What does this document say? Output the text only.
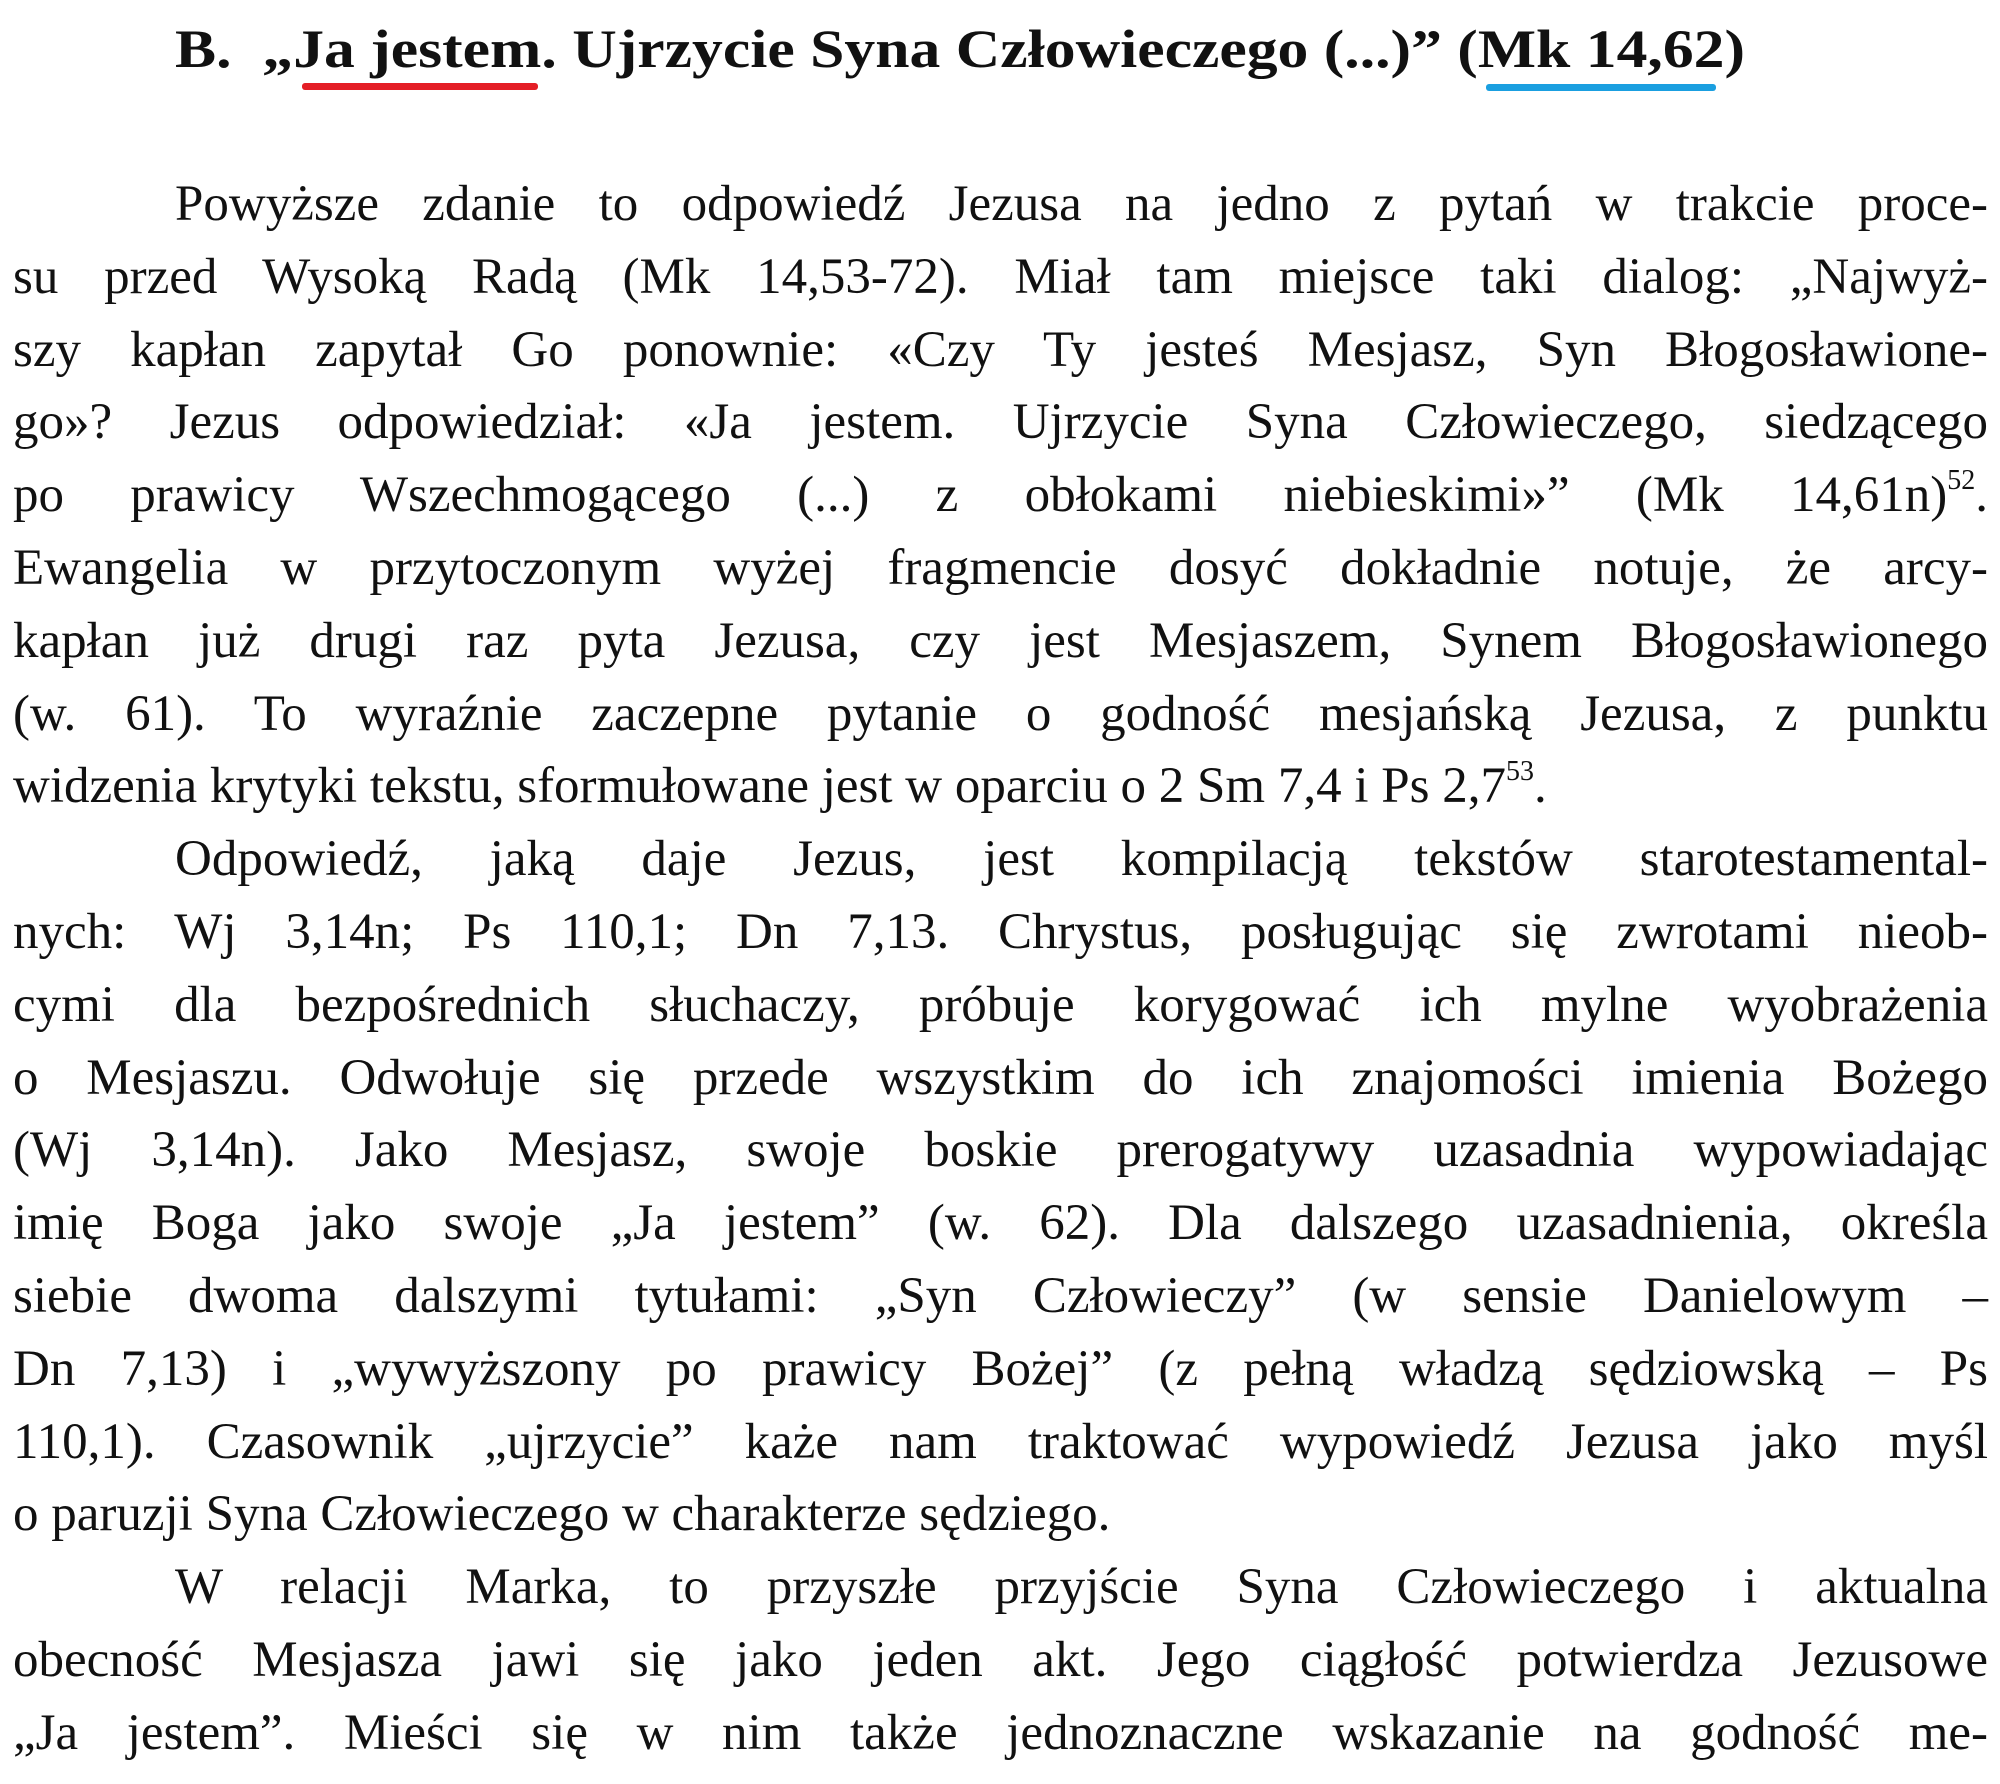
B. „Ja jestem. Ujrzycie Syna Człowieczego (...)” (Mk 14,62)
Powyższe zdanie to odpowiedź Jezusa na jedno z pytań w trakcie proce-
su przed Wysoką Radą (Mk 14,53-72). Miał tam miejsce taki dialog: „Najwyż-
szy kapłan zapytał Go ponownie: «Czy Ty jesteś Mesjasz, Syn Błogosławione-
go»? Jezus odpowiedział: «Ja jestem. Ujrzycie Syna Człowieczego, siedzącego
po prawicy Wszechmogącego (...) z obłokami niebieskimi»” (Mk 14,61n)$^{52}$.
Ewangelia w przytoczonym wyżej fragmencie dosyć dokładnie notuje, że arcy-
kapłan już drugi raz pyta Jezusa, czy jest Mesjaszem, Synem Błogosławionego
(w. 61). To wyraźnie zaczepne pytanie o godność mesjańską Jezusa, z punktu
widzenia krytyki tekstu, sformułowane jest w oparciu o 2 Sm 7,4 i Ps $2,7^{53}$.
Odpowiedź, jaką daje Jezus, jest kompilacją tekstów starotestamental-
nych: Wj 3,14n; Ps 110,1; Dn 7,13. Chrystus, posługując się zwrotami nieob-
cymi dla bezpośrednich słuchaczy, próbuje korygować ich mylne wyobrażenia
o Mesjaszu. Odwołuje się przede wszystkim do ich znajomości imienia Bożego
(Wj 3,14n). Jako Mesjasz, swoje boskie prerogatywy uzasadnia wypowiadając
imię Boga jako swoje „Ja jestem” (w. 62). Dla dalszego uzasadnienia, określa
siebie dwoma dalszymi tytułami: „Syn Człowieczy” (w sensie Danielowym –
Dn 7,13) i „wywyższony po prawicy Bożej” (z pełną władzą sędziowską – Ps
110,1). Czasownik „ujrzycie” każe nam traktować wypowiedź Jezusa jako myśl
o paruzji Syna Człowieczego w charakterze sędziego.
W relacji Marka, to przyszłe przyjście Syna Człowieczego i aktualna
obecność Mesjasza jawi się jako jeden akt. Jego ciągłość potwierdza Jezusowe
„Ja jestem”. Mieści się w nim także jednoznaczne wskazanie na godność me-
